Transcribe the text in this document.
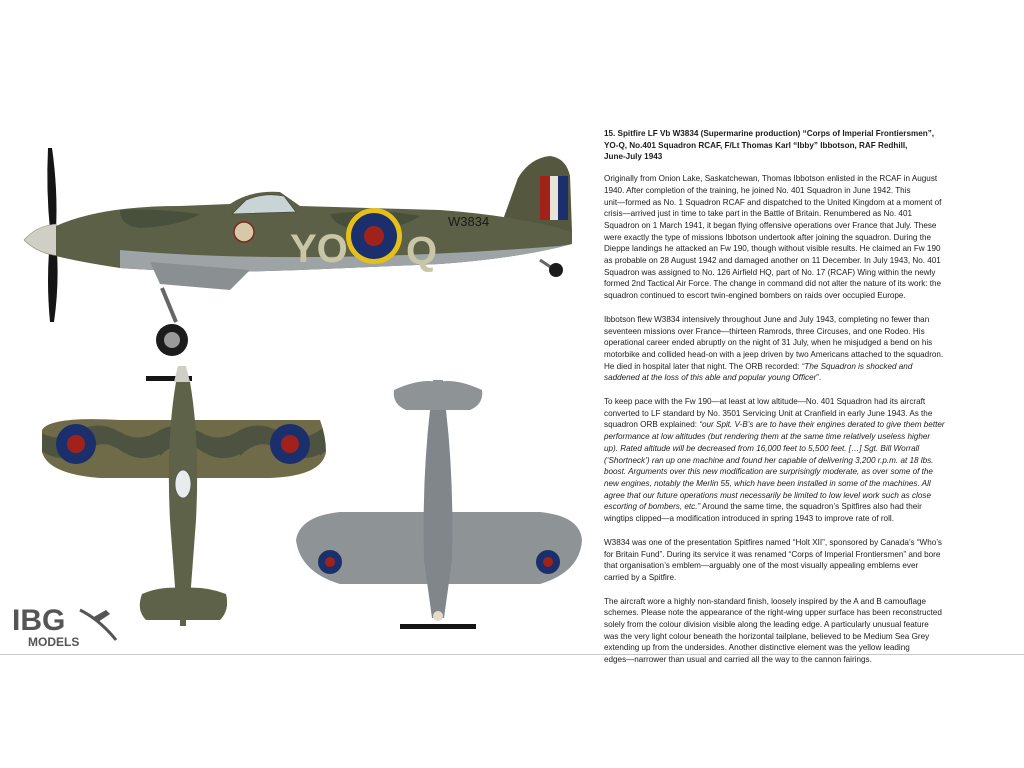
YO Q
W3834
IBG
MODELS
15. Spitfire LF Vb W3834 (Supermarine production) “Corps of Imperial Frontiersmen”,
YO-Q, No.401 Squadron RCAF, F/Lt Thomas Karl “Ibby” Ibbotson, RAF Redhill,
June-July 1943
Originally from Onion Lake, Saskatchewan, Thomas Ibbotson enlisted in the RCAF in August
1940. After completion of the training, he joined No. 401 Squadron in June 1942. This
unit—formed as No. 1 Squadron RCAF and dispatched to the United Kingdom at a moment of
crisis—arrived just in time to take part in the Battle of Britain. Renumbered as No. 401
Squadron on 1 March 1941, it began flying offensive operations over France that July. These
were exactly the type of missions Ibbotson undertook after joining the squadron. During the
Dieppe landings he attacked an Fw 190, though without visible results. He claimed an Fw 190
as probable on 28 August 1942 and damaged another on 11 December. In July 1943, No. 401
Squadron was assigned to No. 126 Airfield HQ, part of No. 17 (RCAF) Wing within the newly
formed 2nd Tactical Air Force. The change in command did not alter the nature of its work: the
squadron continued to escort twin-engined bombers on raids over occupied Europe.
Ibbotson flew W3834 intensively throughout June and July 1943, completing no fewer than
seventeen missions over France—thirteen Ramrods, three Circuses, and one Rodeo. His
operational career ended abruptly on the night of 31 July, when he misjudged a bend on his
motorbike and collided head-on with a jeep driven by two Americans attached to the squadron.
He died in hospital later that night. The ORB recorded: “The Squadron is shocked and
saddened at the loss of this able and popular young Officer”.
To keep pace with the Fw 190—at least at low altitude—No. 401 Squadron had its aircraft
converted to LF standard by No. 3501 Servicing Unit at Cranfield in early June 1943. As the
squadron ORB explained: “our Spit. V-B’s are to have their engines derated to give them better
performance at low altitudes (but rendering them at the same time relatively useless higher
up). Rated altitude will be decreased from 16,000 feet to 5,500 feet. […] Sgt. Bill Worrall
(‘Shortneck’) ran up one machine and found her capable of delivering 3,200 r.p.m. at 18 lbs.
boost. Arguments over this new modification are surprisingly moderate, as over some of the
new engines, notably the Merlin 55, which have been installed in some of the machines. All
agree that our future operations must necessarily be limited to low level work such as close
escorting of bombers, etc.” Around the same time, the squadron’s Spitfires also had their
wingtips clipped—a modification introduced in spring 1943 to improve rate of roll.
W3834 was one of the presentation Spitfires named “Holt XII”, sponsored by Canada’s “Who’s
for Britain Fund”. During its service it was renamed “Corps of Imperial Frontiersmen” and bore
that organisation’s emblem—arguably one of the most visually appealing emblems ever
carried by a Spitfire.
The aircraft wore a highly non-standard finish, loosely inspired by the A and B camouflage
schemes. Please note the appearance of the right-wing upper surface has been reconstructed
solely from the colour division visible along the leading edge. A particularly unusual feature
was the very light colour beneath the horizontal tailplane, believed to be Medium Sea Grey
extending up from the undersides. Another distinctive element was the yellow leading
edges—narrower than usual and carried all the way to the cannon fairings.
